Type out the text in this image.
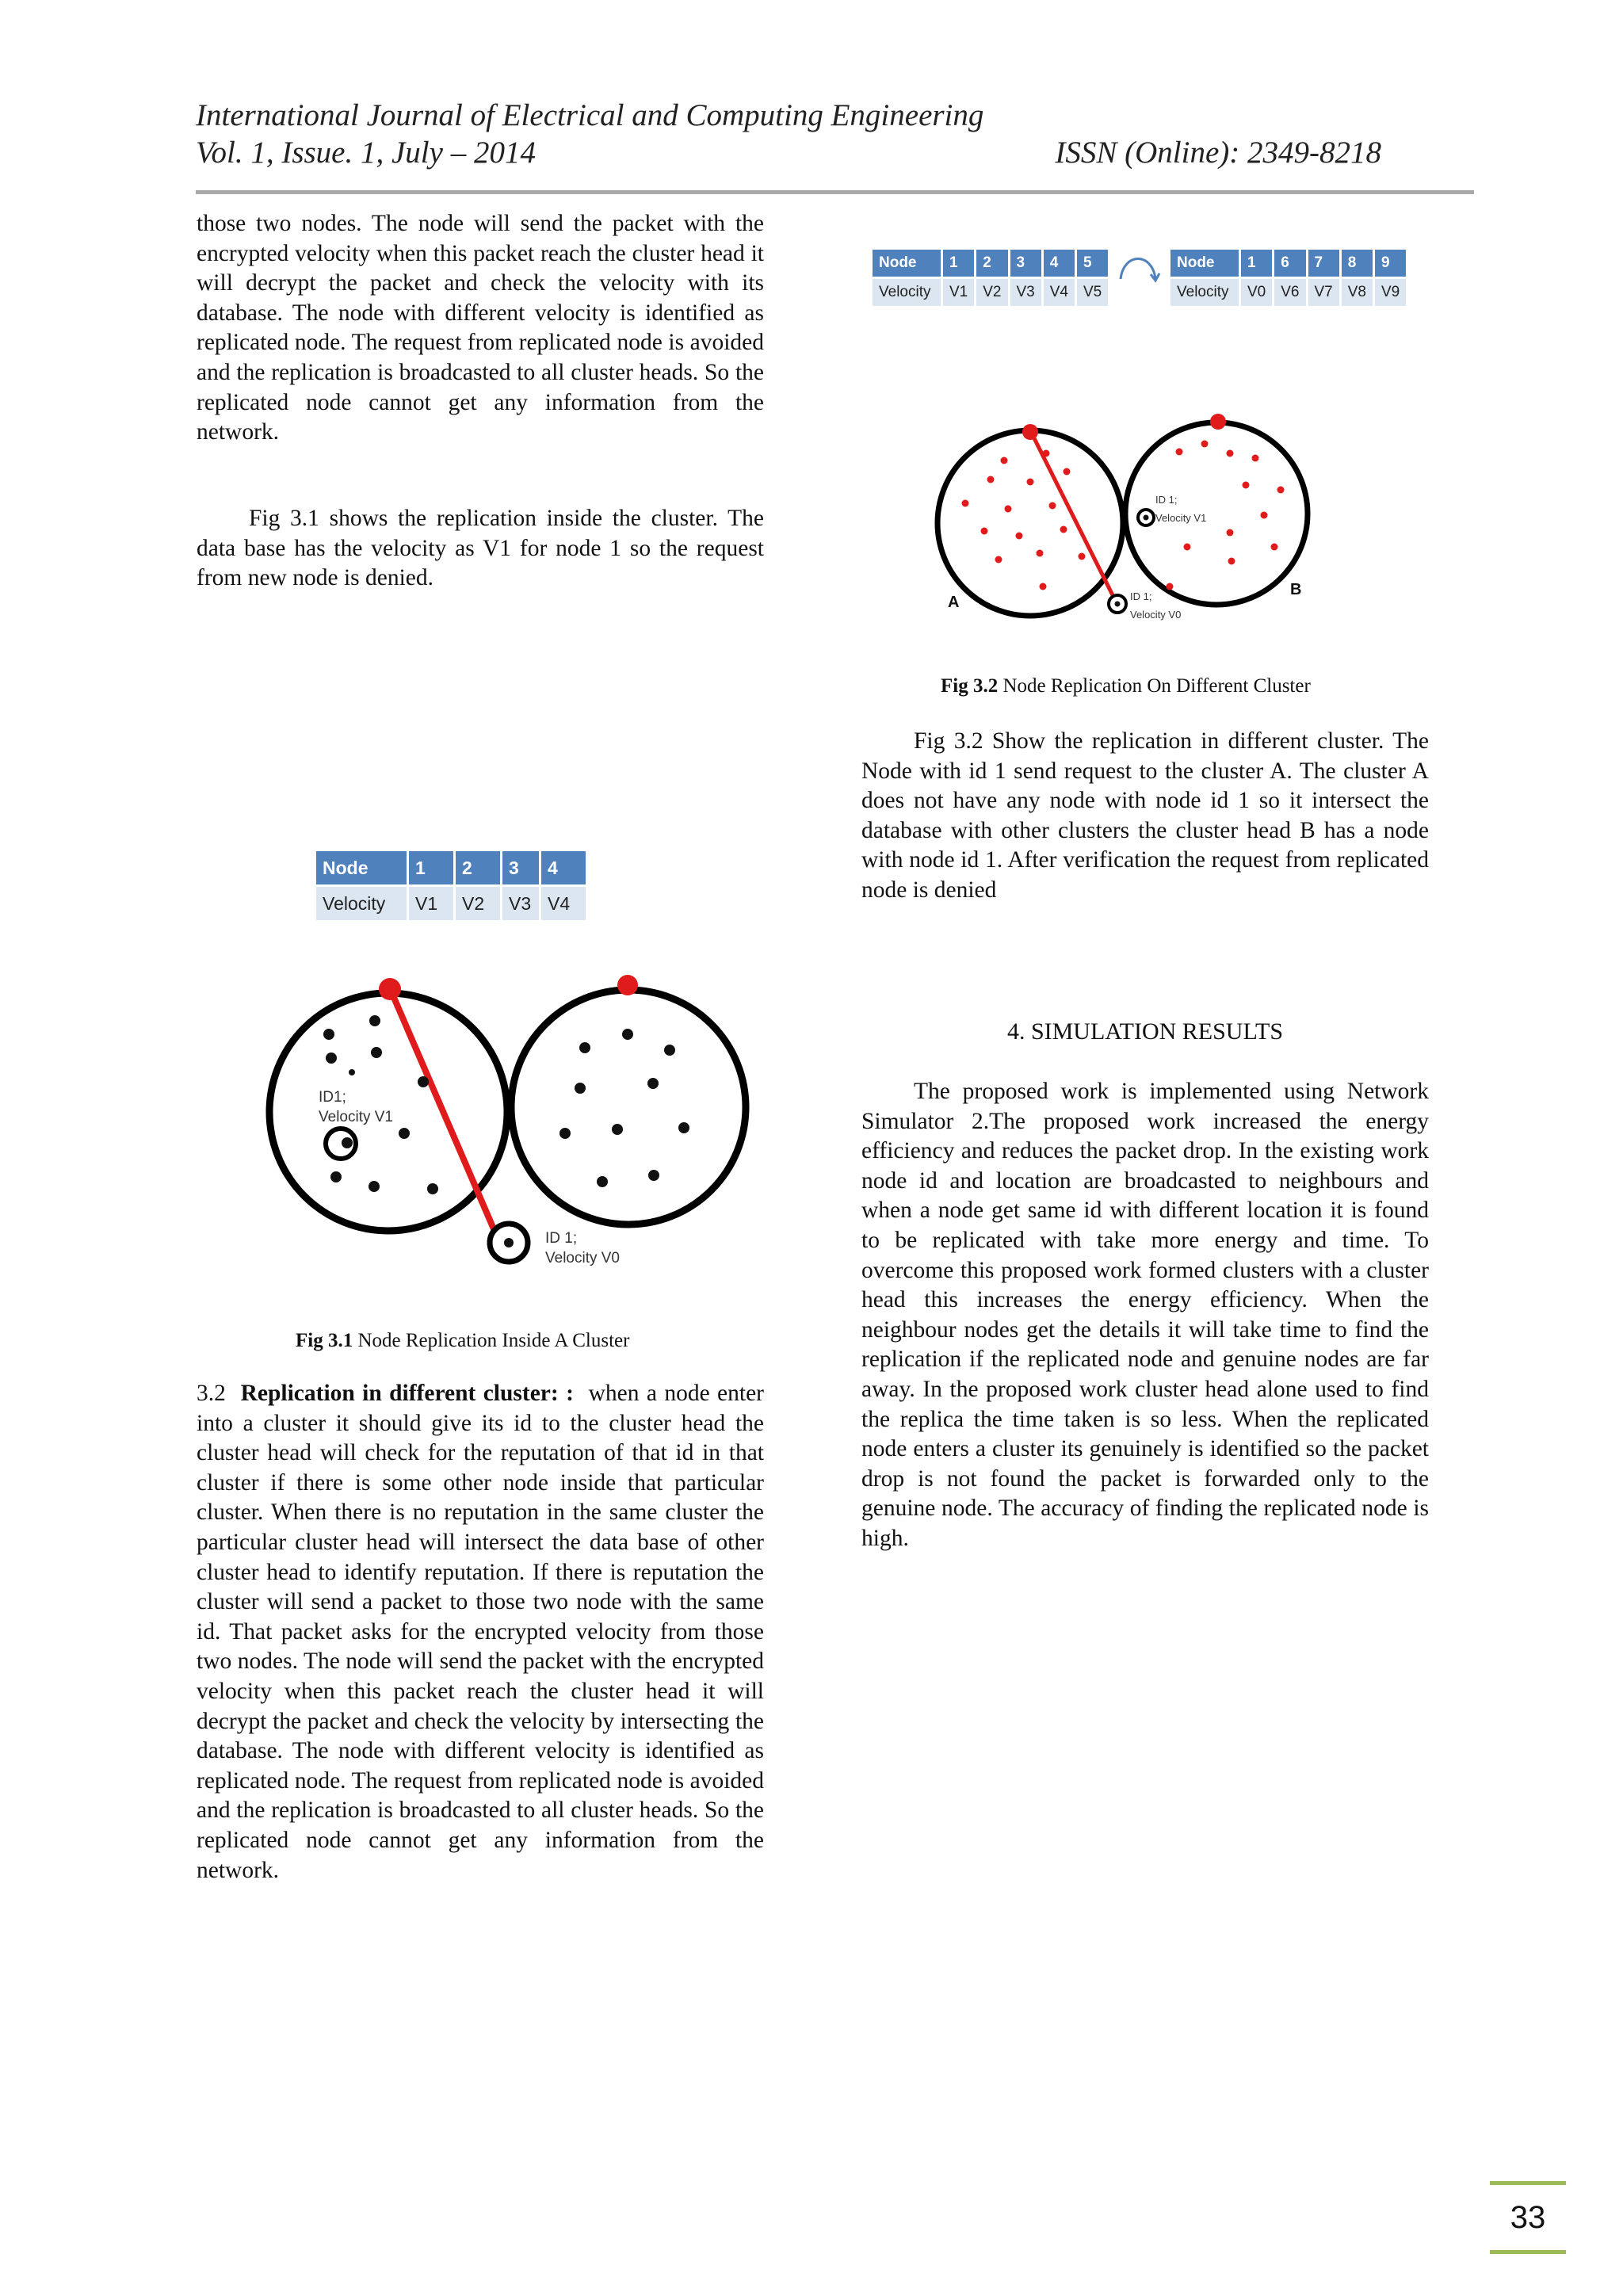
International Journal of Electrical and Computing Engineering
Vol. 1, Issue. 1, July – 2014	ISSN (Online): 2349-8218

those two nodes. The node will send the packet with the encrypted velocity when this packet reach the cluster head it will decrypt the packet and check the velocity with its database. The node with different velocity is identified as replicated node. The request from replicated node is avoided and the replication is broadcasted to all cluster heads. So the replicated node cannot get any information from the network.

Fig 3.1 shows the replication inside the cluster. The data base has the velocity as V1 for node 1 so the request from new node is denied.

Node	1	2	3	4
Velocity	V1	V2	V3	V4
ID1;
Velocity V1
ID 1;
Velocity V0
Fig 3.1 Node Replication Inside A Cluster

3.2 Replication in different cluster: : when a node enter into a cluster it should give its id to the cluster head the cluster head will check for the reputation of that id in that cluster if there is some other node inside that particular cluster. When there is no reputation in the same cluster the particular cluster head will intersect the data base of other cluster head to identify reputation. If there is reputation the cluster will send a packet to those two node with the same id. That packet asks for the encrypted velocity from those two nodes. The node will send the packet with the encrypted velocity when this packet reach the cluster head it will decrypt the packet and check the velocity by intersecting the database. The node with different velocity is identified as replicated node. The request from replicated node is avoided and the replication is broadcasted to all cluster heads. So the replicated node cannot get any information from the network.

Node	1	2	3	4	5
Velocity	V1	V2	V3	V4	V5
Node	1	6	7	8	9
Velocity	V0	V6	V7	V8	V9
A
B
ID 1;
Velocity V1
ID 1;
Velocity V0
Fig 3.2 Node Replication On Different Cluster

Fig 3.2 Show the replication in different cluster. The Node with id 1 send request to the cluster A. The cluster A does not have any node with node id 1 so it intersect the database with other clusters the cluster head B has a node with node id 1. After verification the request from replicated node is denied

4. SIMULATION RESULTS

The proposed work is implemented using Network Simulator 2.The proposed work increased the energy efficiency and reduces the packet drop. In the existing work node id and location are broadcasted to neighbours and when a node get same id with different location it is found to be replicated with take more energy and time. To overcome this proposed work formed clusters with a cluster head this increases the energy efficiency. When the neighbour nodes get the details it will take time to find the replication if the replicated node and genuine nodes are far away. In the proposed work cluster head alone used to find the replica the time taken is so less. When the replicated node enters a cluster its genuinely is identified so the packet drop is not found the packet is forwarded only to the genuine node. The accuracy of finding the replicated node is high.

33
